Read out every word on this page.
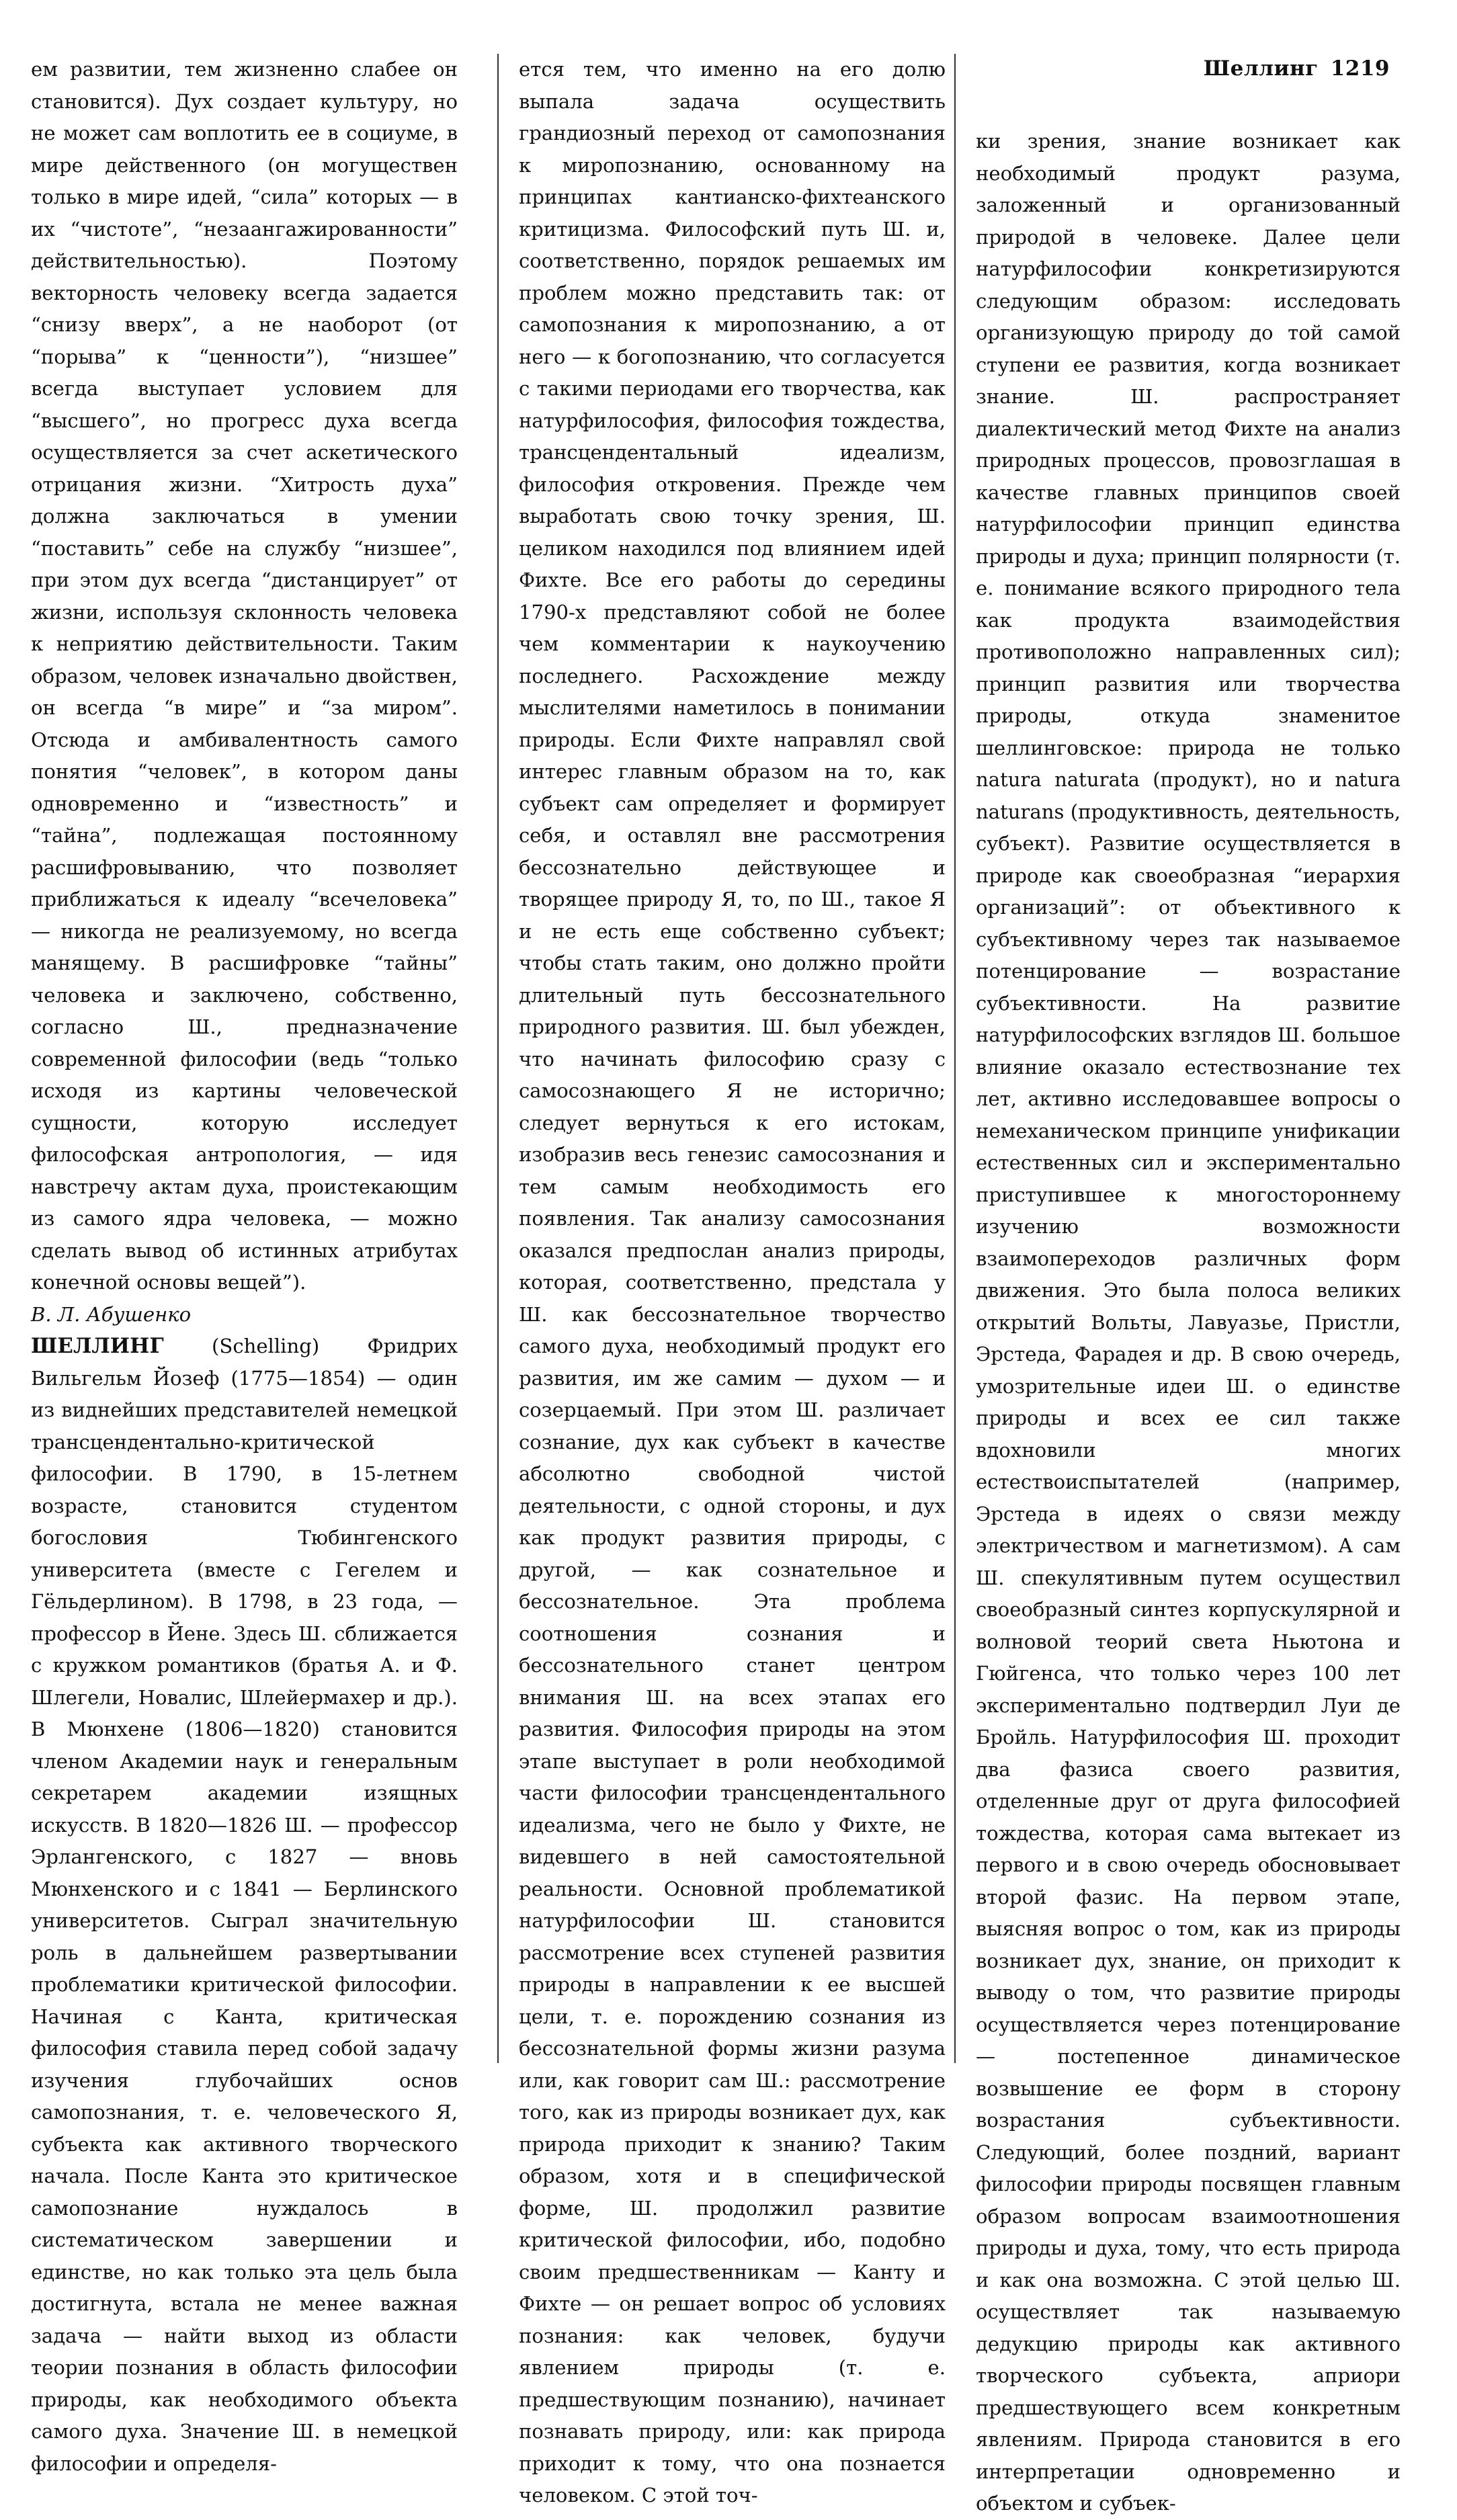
Шеллинг 1219

ем развитии, тем жизненно слабее он становится). Дух создает культуру, но не может сам воплотить ее в социуме, в мире действенного (он могуществен только в мире идей, “сила” которых — в их “чистоте”, “незаангажированности” действительностью). Поэтому векторность человеку всегда задается “снизу вверх”, а не наоборот (от “порыва” к “ценности”), “низшее” всегда выступает условием для “высшего”, но прогресс духа всегда осуществляется за счет аскетического отрицания жизни. “Хитрость духа” должна заключаться в умении “поставить” себе на службу “низшее”, при этом дух всегда “дистанцирует” от жизни, используя склонность человека к неприятию действительности. Таким образом, человек изначально двойствен, он всегда “в мире” и “за миром”. Отсюда и амбивалентность самого понятия “человек”, в котором даны одновременно и “известность” и “тайна”, подлежащая постоянному расшифровыванию, что позволяет приближаться к идеалу “всечеловека” — никогда не реализуемому, но всегда манящему. В расшифровке “тайны” человека и заключено, собственно, согласно Ш., предназначение современной философии (ведь “только исходя из картины человеческой сущности, которую исследует философская антропология, — идя навстречу актам духа, проистекающим из самого ядра человека, — можно сделать вывод об истинных атрибутах конечной основы вещей”).

В. Л. Абушенко

ШЕЛЛИНГ (Schelling) Фридрих Вильгельм Йозеф (1775—1854) — один из виднейших представителей немецкой трансцендентально-критической философии. В 1790, в 15-летнем возрасте, становится студентом богословия Тюбингенского университета (вместе с Гегелем и Гёльдерлином). В 1798, в 23 года, — профессор в Йене. Здесь Ш. сближается с кружком романтиков (братья А. и Ф. Шлегели, Новалис, Шлейермахер и др.). В Мюнхене (1806—1820) становится членом Академии наук и генеральным секретарем академии изящных искусств. В 1820—1826 Ш. — профессор Эрлангенского, с 1827 — вновь Мюнхенского и с 1841 — Берлинского университетов. Сыграл значительную роль в дальнейшем развертывании проблематики критической философии. Начиная с Канта, критическая философия ставила перед собой задачу изучения глубочайших основ самопознания, т. е. человеческого Я, субъекта как активного творческого начала. После Канта это критическое самопознание нуждалось в систематическом завершении и единстве, но как только эта цель была достигнута, встала не менее важная задача — найти выход из области теории познания в область философии природы, как необходимого объекта самого духа. Значение Ш. в немецкой философии и определя-

ется тем, что именно на его долю выпала задача осуществить грандиозный переход от самопознания к миропознанию, основанному на принципах кантианско-фихтеанского критицизма. Философский путь Ш. и, соответственно, порядок решаемых им проблем можно представить так: от самопознания к миропознанию, а от него — к богопознанию, что согласуется с такими периодами его творчества, как натурфилософия, философия тождества, трансцендентальный идеализм, философия откровения. Прежде чем выработать свою точку зрения, Ш. целиком находился под влиянием идей Фихте. Все его работы до середины 1790-х представляют собой не более чем комментарии к наукоучению последнего. Расхождение между мыслителями наметилось в понимании природы. Если Фихте направлял свой интерес главным образом на то, как субъект сам определяет и формирует себя, и оставлял вне рассмотрения бессознательно действующее и творящее природу Я, то, по Ш., такое Я и не есть еще собственно субъект; чтобы стать таким, оно должно пройти длительный путь бессознательного природного развития. Ш. был убежден, что начинать философию сразу с самосознающего Я не исторично; следует вернуться к его истокам, изобразив весь генезис самосознания и тем самым необходимость его появления. Так анализу самосознания оказался предпослан анализ природы, которая, соответственно, предстала у Ш. как бессознательное творчество самого духа, необходимый продукт его развития, им же самим — духом — и созерцаемый. При этом Ш. различает сознание, дух как субъект в качестве абсолютно свободной чистой деятельности, с одной стороны, и дух как продукт развития природы, с другой, — как сознательное и бессознательное. Эта проблема соотношения сознания и бессознательного станет центром внимания Ш. на всех этапах его развития. Философия природы на этом этапе выступает в роли необходимой части философии трансцендентального идеализма, чего не было у Фихте, не видевшего в ней самостоятельной реальности. Основной проблематикой натурфилософии Ш. становится рассмотрение всех ступеней развития природы в направлении к ее высшей цели, т. е. порождению сознания из бессознательной формы жизни разума или, как говорит сам Ш.: рассмотрение того, как из природы возникает дух, как природа приходит к знанию? Таким образом, хотя и в специфической форме, Ш. продолжил развитие критической философии, ибо, подобно своим предшественникам — Канту и Фихте — он решает вопрос об условиях познания: как человек, будучи явлением природы (т. е. предшествующим познанию), начинает познавать природу, или: как природа приходит к тому, что она познается человеком. С этой точ-

ки зрения, знание возникает как необходимый продукт разума, заложенный и организованный природой в человеке. Далее цели натурфилософии конкретизируются следующим образом: исследовать организующую природу до той самой ступени ее развития, когда возникает знание. Ш. распространяет диалектический метод Фихте на анализ природных процессов, провозглашая в качестве главных принципов своей натурфилософии принцип единства природы и духа; принцип полярности (т. е. понимание всякого природного тела как продукта взаимодействия противоположно направленных сил); принцип развития или творчества природы, откуда знаменитое шеллинговское: природа не только natura naturata (продукт), но и natura naturans (продуктивность, деятельность, субъект). Развитие осуществляется в природе как своеобразная “иерархия организаций”: от объективного к субъективному через так называемое потенцирование — возрастание субъективности. На развитие натурфилософских взглядов Ш. большое влияние оказало естествознание тех лет, активно исследовавшее вопросы о немеханическом принципе унификации естественных сил и экспериментально приступившее к многостороннему изучению возможности взаимопереходов различных форм движения. Это была полоса великих открытий Вольты, Лавуазье, Пристли, Эрстеда, Фарадея и др. В свою очередь, умозрительные идеи Ш. о единстве природы и всех ее сил также вдохновили многих естествоиспытателей (например, Эрстеда в идеях о связи между электричеством и магнетизмом). А сам Ш. спекулятивным путем осуществил своеобразный синтез корпускулярной и волновой теорий света Ньютона и Гюйгенса, что только через 100 лет экспериментально подтвердил Луи де Бройль. Натурфилософия Ш. проходит два фазиса своего развития, отделенные друг от друга философией тождества, которая сама вытекает из первого и в свою очередь обосновывает второй фазис. На первом этапе, выясняя вопрос о том, как из природы возникает дух, знание, он приходит к выводу о том, что развитие природы осуществляется через потенцирование — постепенное динамическое возвышение ее форм в сторону возрастания субъективности. Следующий, более поздний, вариант философии природы посвящен главным образом вопросам взаимоотношения природы и духа, тому, что есть природа и как она возможна. С этой целью Ш. осуществляет так называемую дедукцию природы как активного творческого субъекта, априори предшествующего всем конкретным явлениям. Природа становится в его интерпретации одновременно и объектом и субъек-
